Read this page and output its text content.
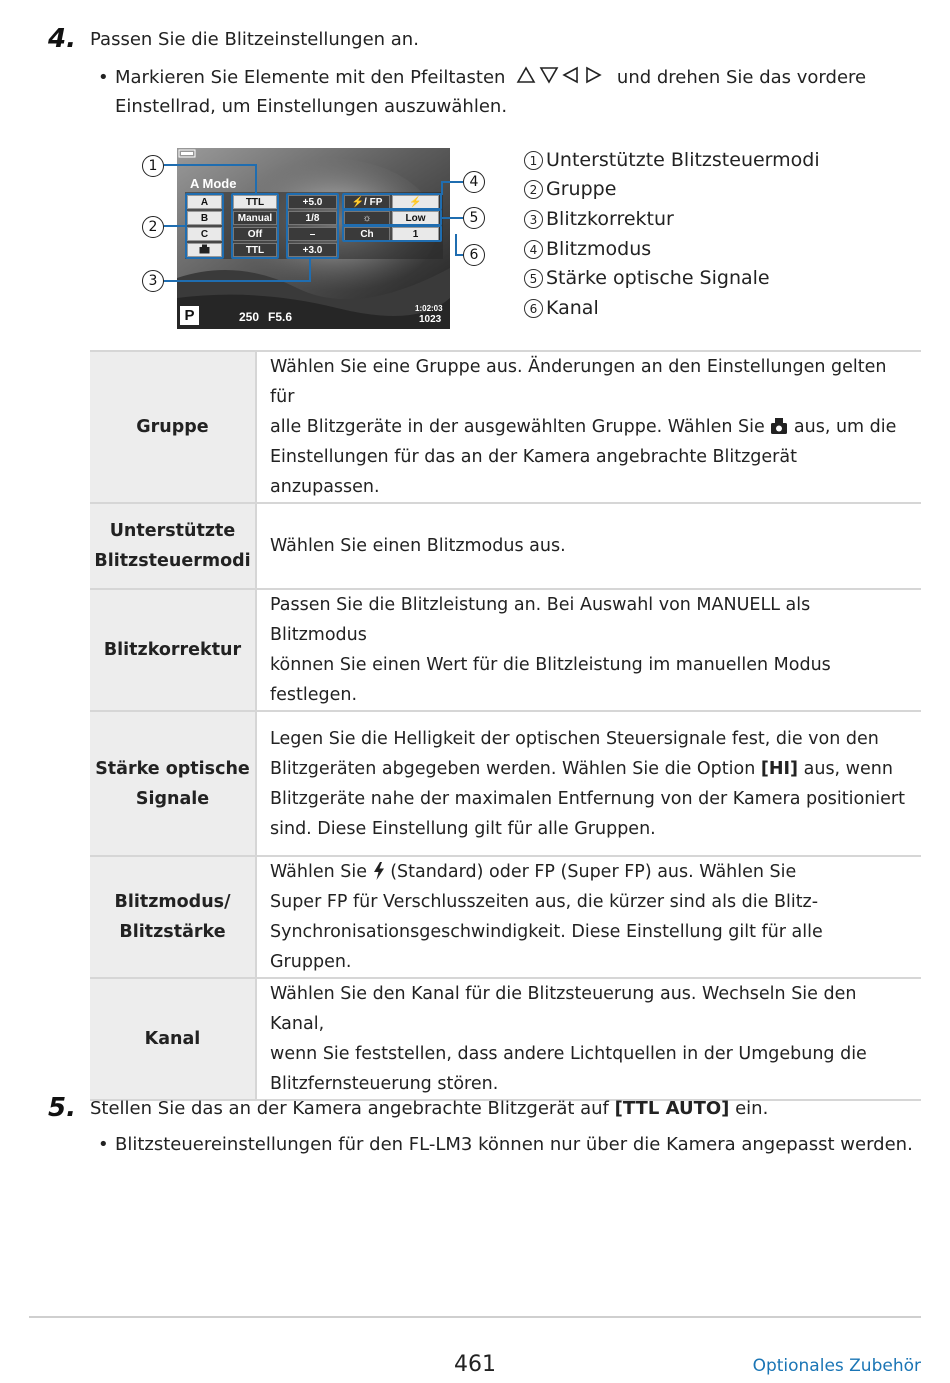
4. Passen Sie die Blitzeinstellungen an.
• Markieren Sie Elemente mit den Pfeiltasten	und drehen Sie das vordere
Einstellrad, um Einstellungen auszuwählen.
A Mode
A
B
C
TTL
Manual
Off
TTL
+5.0
1/8
–
+3.0
⚡/ FP	⚡
☼	Low
Ch	1
P	250 F5.6
1:02:03
1023
1
2
3
4
5
6
1 Unterstützte Blitzsteuermodi
2 Gruppe
3 Blitzkorrektur
4 Blitzmodus
5 Stärke optische Signale
6 Kanal
Gruppe	Wählen Sie eine Gruppe aus. Änderungen an den Einstellungen gelten für
alle Blitzgeräte in der ausgewählten Gruppe. Wählen Sie aus, um die
Einstellungen für das an der Kamera angebrachte Blitzgerät anzupassen.
Unterstützte
Blitzsteuermodi	Wählen Sie einen Blitzmodus aus.
Blitzkorrektur	Passen Sie die Blitzleistung an. Bei Auswahl von MANUELL als Blitzmodus
können Sie einen Wert für die Blitzleistung im manuellen Modus
festlegen.
Stärke optische
Signale	Legen Sie die Helligkeit der optischen Steuersignale fest, die von den
Blitzgeräten abgegeben werden. Wählen Sie die Option [HI] aus, wenn
Blitzgeräte nahe der maximalen Entfernung von der Kamera positioniert
sind. Diese Einstellung gilt für alle Gruppen.
Blitzmodus/
Blitzstärke	Wählen Sie (Standard) oder FP (Super FP) aus. Wählen Sie
Super FP für Verschlusszeiten aus, die kürzer sind als die Blitz-
Synchronisationsgeschwindigkeit. Diese Einstellung gilt für alle Gruppen.
Kanal	Wählen Sie den Kanal für die Blitzsteuerung aus. Wechseln Sie den Kanal,
wenn Sie feststellen, dass andere Lichtquellen in der Umgebung die
Blitzfernsteuerung stören.
5. Stellen Sie das an der Kamera angebrachte Blitzgerät auf [TTL AUTO] ein.
• Blitzsteuereinstellungen für den FL-LM3 können nur über die Kamera angepasst werden.
461	Optionales Zubehör
